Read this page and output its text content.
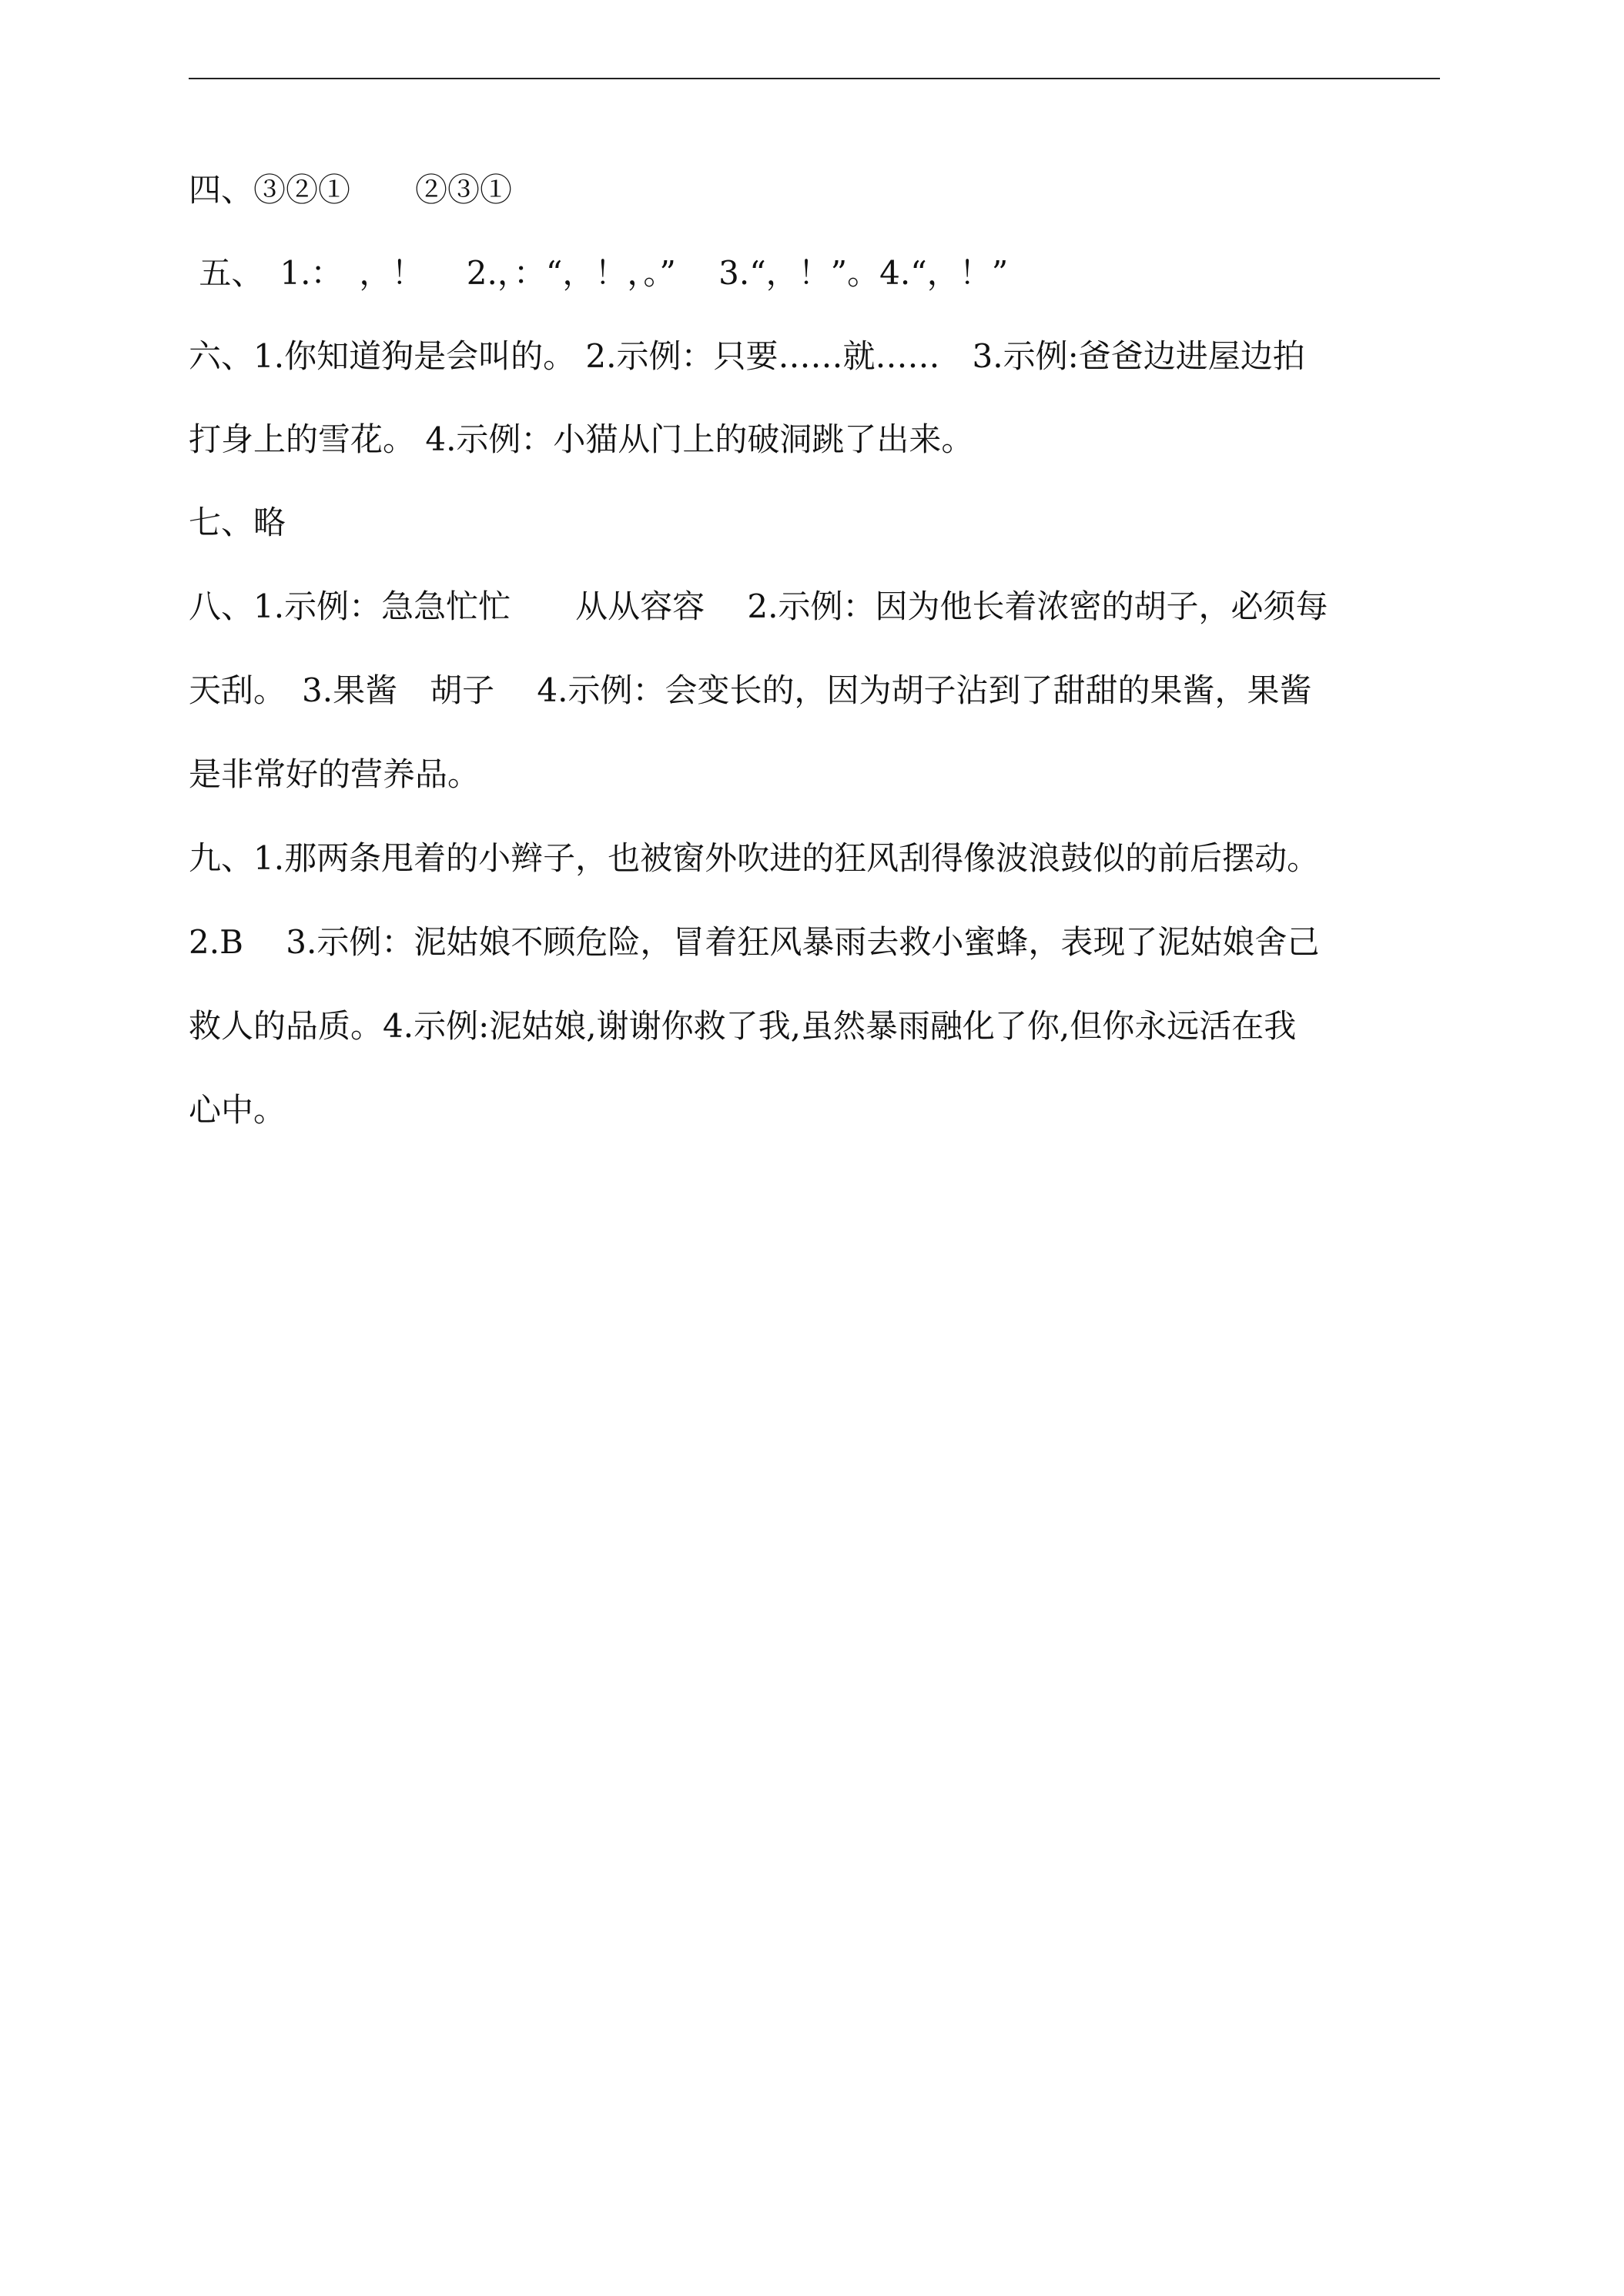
四、③②①　　②③①
五、　1.：　，！　 2.，：“，！，。”　 3.“，！”。4.“，！”
六、1.你知道狗是会叫的。 2.示例：只要……就……　3.示例:爸爸边进屋边拍
打身上的雪花。 4.示例：小猫从门上的破洞跳了出来。
七、略
八、1.示例：急急忙忙　　从从容容　 2.示例：因为他长着浓密的胡子，必须每
天刮。　3.果酱　胡子　 4.示例：会变长的，因为胡子沾到了甜甜的果酱，果酱
是非常好的营养品。
九、1.那两条甩着的小辫子，也被窗外吹进的狂风刮得像波浪鼓似的前后摆动。
2.B　 3.示例：泥姑娘不顾危险，冒着狂风暴雨去救小蜜蜂，表现了泥姑娘舍己
救人的品质。4.示例:泥姑娘,谢谢你救了我,虽然暴雨融化了你,但你永远活在我
心中。
